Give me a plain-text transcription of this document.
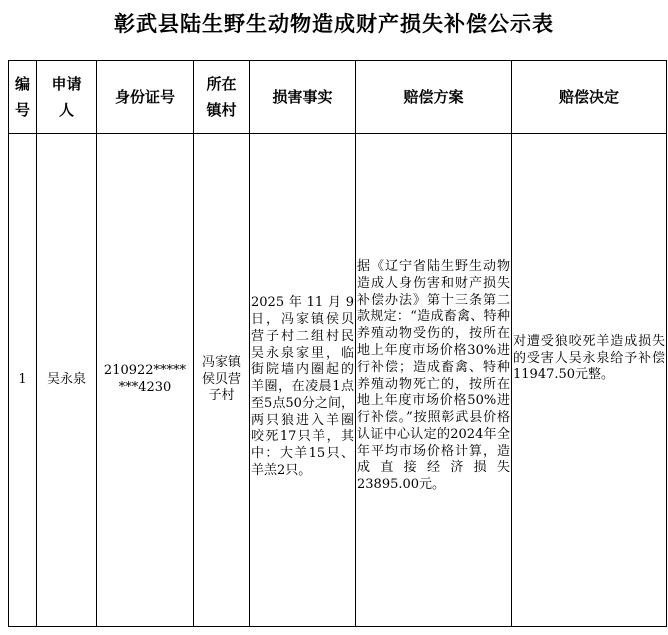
彰武县陆生野生动物造成财产损失补偿公示表
编号	申请人	身份证号	所在镇村	损害事实	赔偿方案	赔偿决定
1	吴永泉	210922********4230	冯家镇侯贝营子村	2025年11月9日，冯家镇侯贝营子村二组村民吴永泉家里，临街院墙内圈起的羊圈，在凌晨1点至5点50分之间，两只狼进入羊圈咬死17只羊，其中：大羊15只、羊羔2只。	据《辽宁省陆生野生动物造成人身伤害和财产损失补偿办法》第十三条第二款规定：“造成畜禽、特种养殖动物受伤的，按所在地上年度市场价格30%进行补偿；造成畜禽、特种养殖动物死亡的，按所在地上年度市场价格50%进行补偿。”按照彰武县价格认证中心认定的2024年全年平均市场价格计算，造成直接经济损失23895.00元。	对遭受狼咬死羊造成损失的受害人吴永泉给予补偿11947.50元整。
